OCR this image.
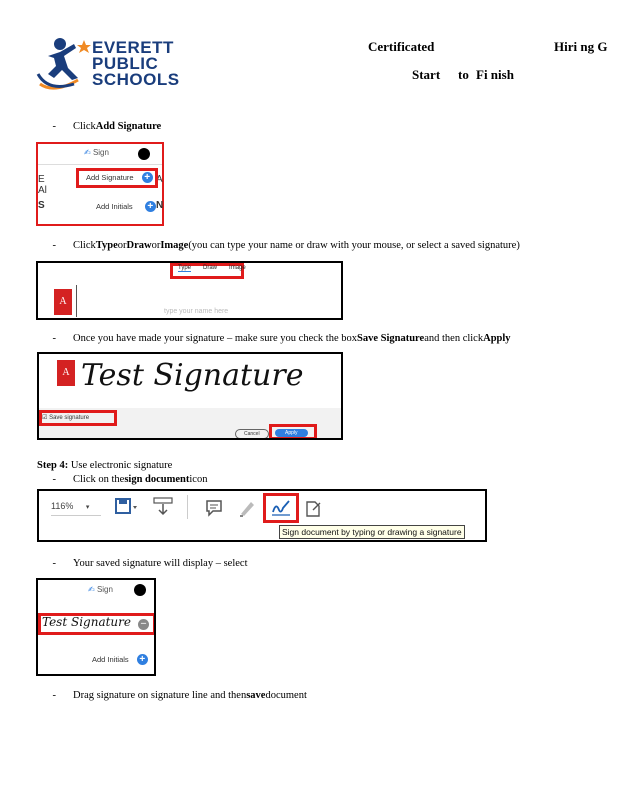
EVERETT
PUBLIC
SCHOOLS
Certificated	Hiri ng G
Start to Fi nish
-	Click Add Signature
✍ Sign
E
Al
A
Add Signature +
S	N
Add Initials +
-	Click Type or Draw or Image (you can type your name or draw with your mouse, or select a saved signature)
Type Draw Image
A
type your name here
-	Once you have made your signature – make sure you check the box Save Signature and then click Apply
A Test Signature
☑ Save signature
Cancel	Apply
Step 4: Use electronic signature
-	Click on the sign document icon
116% ▾
Sign document by typing or drawing a signature
-	Your saved signature will display – select
✍ Sign
Test Signature	–
Add Initials +
-	Drag signature on signature line and then save document
